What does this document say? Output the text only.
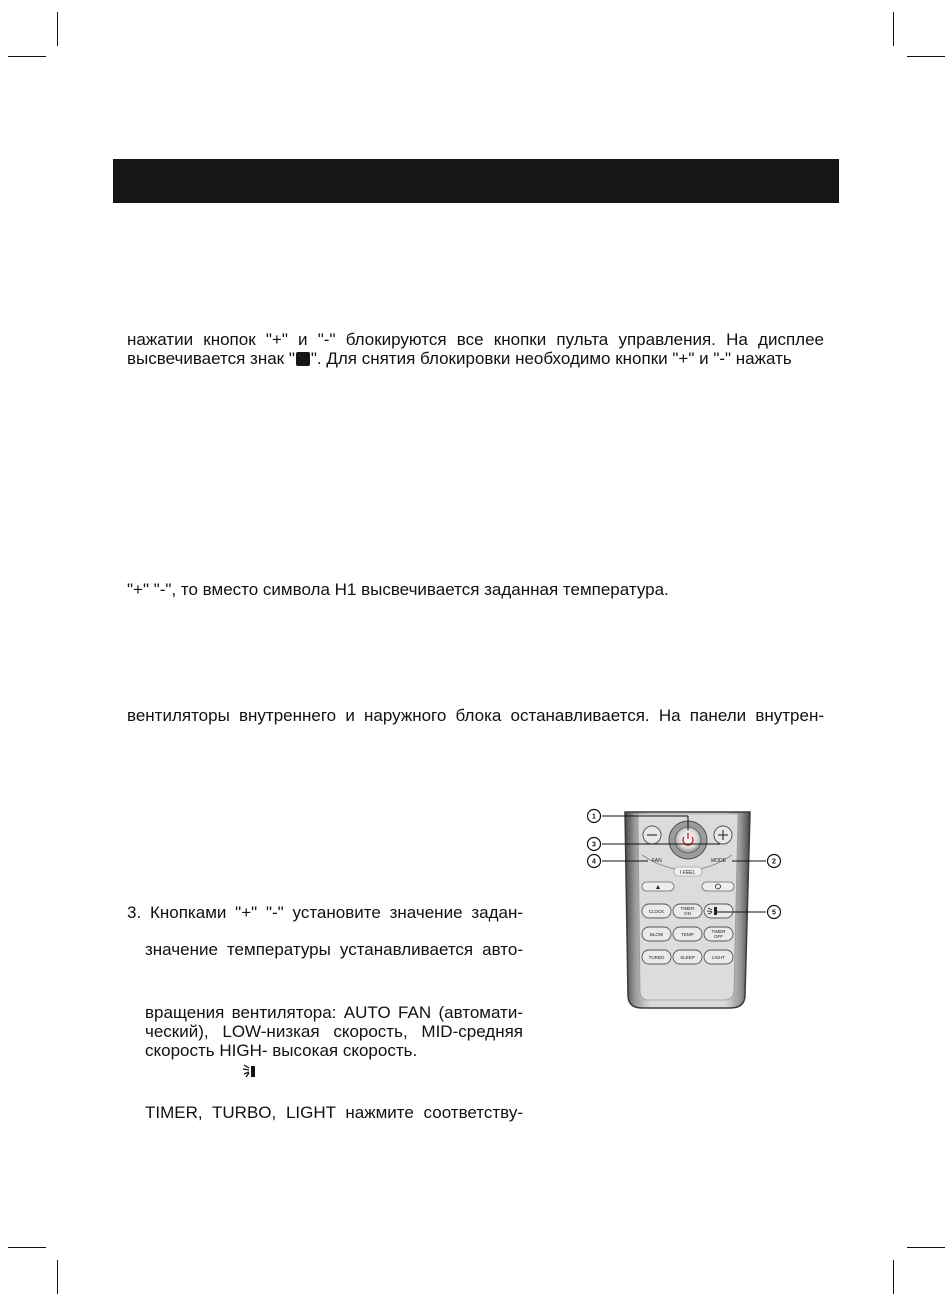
нажатии кнопок "+" и "-" блокируются все кнопки пульта управления. На дисплее
высвечивается знак " ". Для снятия блокировки необходимо кнопки "+" и "-" нажать
"+" "-", то вместо символа H1 высвечивается заданная температура.
вентиляторы внутреннего и наружного блока останавливается. На панели внутрен-
3. Кнопками "+" "-" установите значение задан-
значение температуры устанавливается авто-
вращения вентилятора: AUTO FAN (автомати-
ческий), LOW-низкая скорость, MID-средняя
скорость HIGH- высокая скорость.
TIMER, TURBO, LIGHT нажмите соответству-
FAN	MODE
I FEEL
CLOCK
TIMER
ON
BLOW	TEMP
TIMER
OFF
TURBO	SLEEP	LIGHT
1
3
4	2
5
